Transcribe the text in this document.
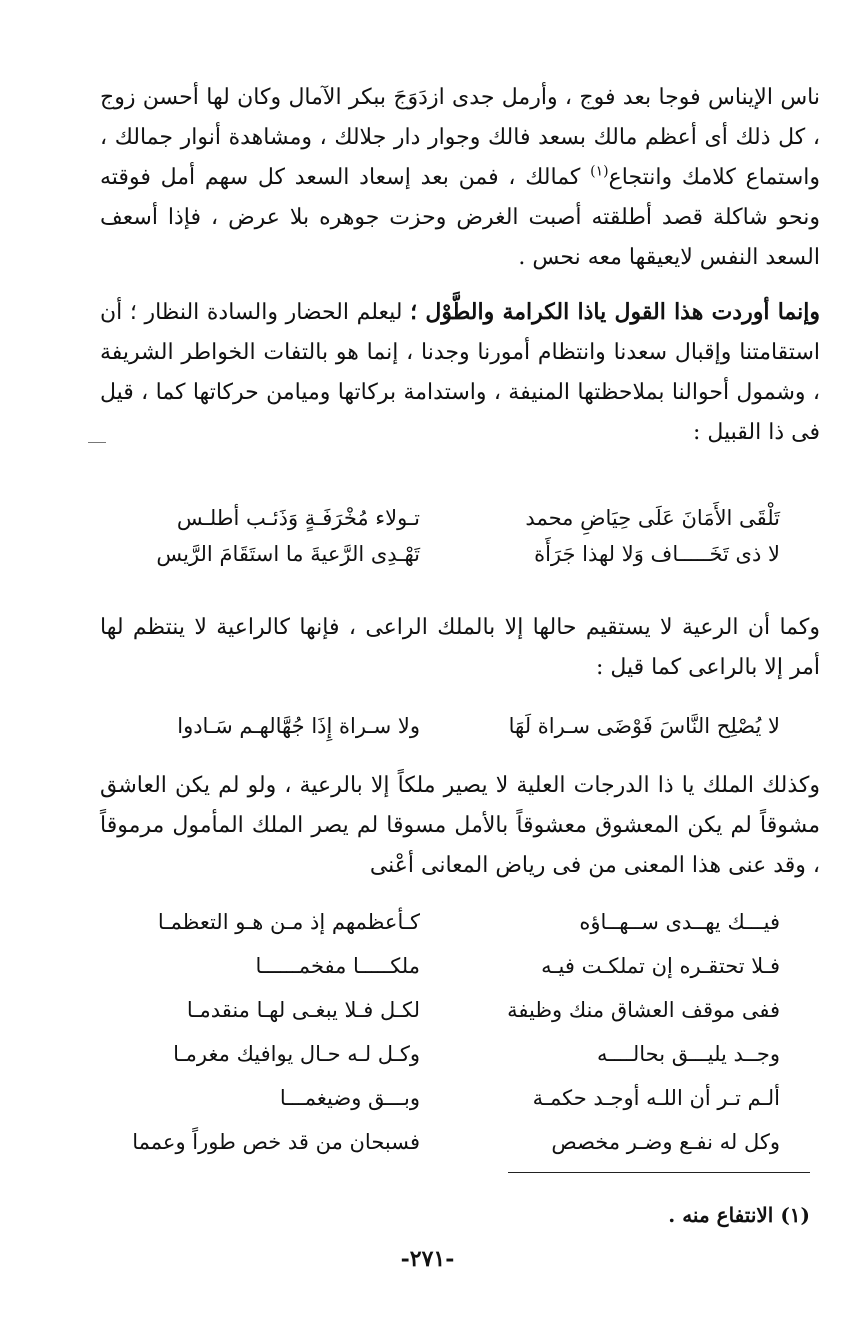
ناس الإيناس فوجا بعد فوج ، وأرمل جدى ازدَوَجَ ببكر الآمال وكان لها أحسن زوج ، كل ذلك أى أعظم مالك بسعد فالك وجوار دار جلالك ، ومشاهدة أنوار جمالك ، واستماع كلامك وانتجاع$^{(١)}$ كمالك ، فمن بعد إسعاد السعد كل سهم أمل فوقته ونحو شاكلة قصد أطلقته أصبت الغرض وحزت جوهره بلا عرض ، فإذا أسعف السعد النفس لايعيقها معه نحس .

وإنما أوردت هذا القول ياذا الكرامة والطَّوْل ؛ ليعلم الحضار والسادة النظار ؛ أن استقامتنا وإقبال سعدنا وانتظام أمورنا وجدنا ، إنما هو بالتفات الخواطر الشريفة ، وشمول أحوالنا بملاحظتها المنيفة ، واستدامة بركاتها وميامن حركاتها كما ، قيل فى ذا القبيل :

تَلْقَى الأَمَانَ عَلَى حِيَاضِ محمد
تـولاء مُخْرَفَـةٍ وَذَئـب أطلـس
لا ذى تَخَـــــاف وَلا لهذا جَرَأَة
تَهْـدِى الرَّعيةَ ما استَقَامَ الرَّيس

وكما أن الرعية لا يستقيم حالها إلا بالملك الراعى ، فإنها كالراعية لا ينتظم لها أمر إلا بالراعى كما قيل :

لا يُصْلِح النَّاسَ فَوْضَى سـراة لَهَا
ولا سـراة إِذَا جُهَّالهـم سَـادوا

وكذلك الملك يا ذا الدرجات العلية لا يصير ملكاً إلا بالرعية ، ولو لم يكن العاشق مشوقاً لم يكن المعشوق معشوقاً بالأمل مسوقا لم يصر الملك المأمول مرموقاً ، وقد عنى هذا المعنى من فى رياض المعانى أعْنى

فيـــك يهــدى ســهــاؤه
كـأعظمهم إذ مـن هـو التعظمـا
فـلا تحتقـره إن تملكـت فيـه
ملكـــــا مفخمــــــا
ففى موقف العشاق منك وظيفة
لكـل فـلا يبغـى لهـا منقدمـا
وجــد يليـــق بحالــــه
وكـل لـه حـال يوافيك مغرمـا
ألـم تـر أن اللـه أوجـد حكمـة
وبـــق وضيغمـــا
وكل له نفـع وضـر مخصص
فسبحان من قد خص طوراً وعمما
(١) الانتفاع منه .
-٢٧١-
